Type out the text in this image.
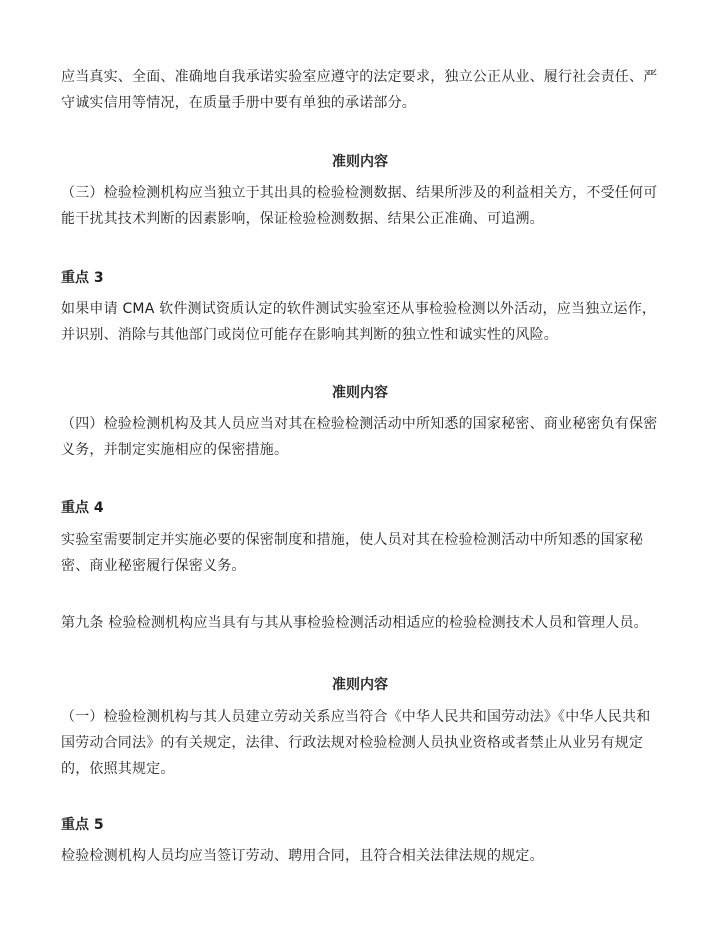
应当真实、全面、准确地自我承诺实验室应遵守的法定要求，独立公正从业、履行社会责任、严守诚实信用等情况，在质量手册中要有单独的承诺部分。

准则内容

（三）检验检测机构应当独立于其出具的检验检测数据、结果所涉及的利益相关方，不受任何可能干扰其技术判断的因素影响，保证检验检测数据、结果公正准确、可追溯。

重点 3

如果申请 CMA 软件测试资质认定的软件测试实验室还从事检验检测以外活动，应当独立运作，并识别、消除与其他部门或岗位可能存在影响其判断的独立性和诚实性的风险。

准则内容

（四）检验检测机构及其人员应当对其在检验检测活动中所知悉的国家秘密、商业秘密负有保密义务，并制定实施相应的保密措施。

重点 4

实验室需要制定并实施必要的保密制度和措施，使人员对其在检验检测活动中所知悉的国家秘密、商业秘密履行保密义务。

第九条 检验检测机构应当具有与其从事检验检测活动相适应的检验检测技术人员和管理人员。

准则内容

（一）检验检测机构与其人员建立劳动关系应当符合《中华人民共和国劳动法》《中华人民共和国劳动合同法》的有关规定，法律、行政法规对检验检测人员执业资格或者禁止从业另有规定的，依照其规定。

重点 5

检验检测机构人员均应当签订劳动、聘用合同，且符合相关法律法规的规定。
